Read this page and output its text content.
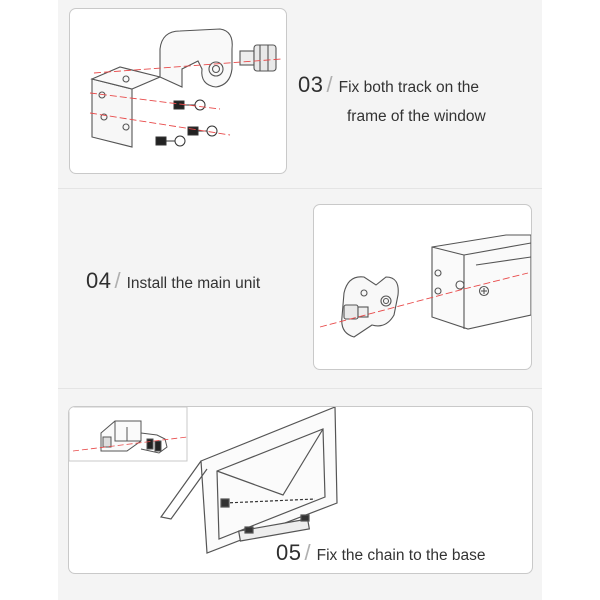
03 / Fix both track on the
frame of the window
04 / Install the main unit
05 / Fix the chain to the base
